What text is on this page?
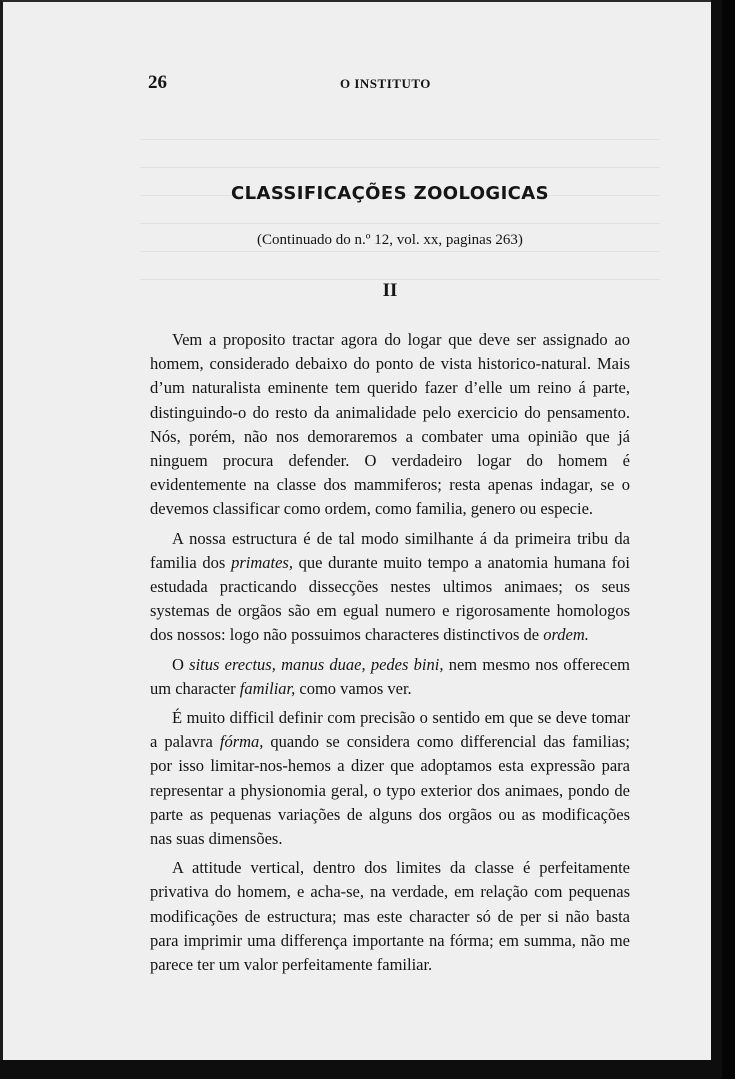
26	O INSTITUTO
CLASSIFICAÇÕES ZOOLOGICAS
(Continuado do n.º 12, vol. xx, paginas 263)
II

Vem a proposito tractar agora do logar que deve ser assignado ao homem, considerado debaixo do ponto de vista historico-natural. Mais d’um naturalista eminente tem querido fazer d’elle um reino á parte, distinguindo-o do resto da animalidade pelo exercicio do pensamento. Nós, porém, não nos demoraremos a combater uma opinião que já ninguem procura defender. O verdadeiro logar do homem é evidentemente na classe dos mammiferos; resta apenas indagar, se o devemos classificar como ordem, como familia, genero ou especie.

A nossa estructura é de tal modo similhante á da primeira tribu da familia dos primates, que durante muito tempo a anatomia humana foi estudada practicando dissecções nestes ultimos animaes; os seus systemas de orgãos são em egual numero e rigorosamente homologos dos nossos: logo não possuimos characteres distinctivos de ordem.

O situs erectus, manus duae, pedes bini, nem mesmo nos offerecem um character familiar, como vamos ver.

É muito difficil definir com precisão o sentido em que se deve tomar a palavra fórma, quando se considera como differencial das familias; por isso limitar-nos-hemos a dizer que adoptamos esta expressão para representar a physionomia geral, o typo exterior dos animaes, pondo de parte as pequenas variações de alguns dos orgãos ou as modificações nas suas dimensões.

A attitude vertical, dentro dos limites da classe é perfeitamente privativa do homem, e acha-se, na verdade, em relação com pequenas modificações de estructura; mas este character só de per si não basta para imprimir uma differença importante na fórma; em summa, não me parece ter um valor perfeitamente familiar.
